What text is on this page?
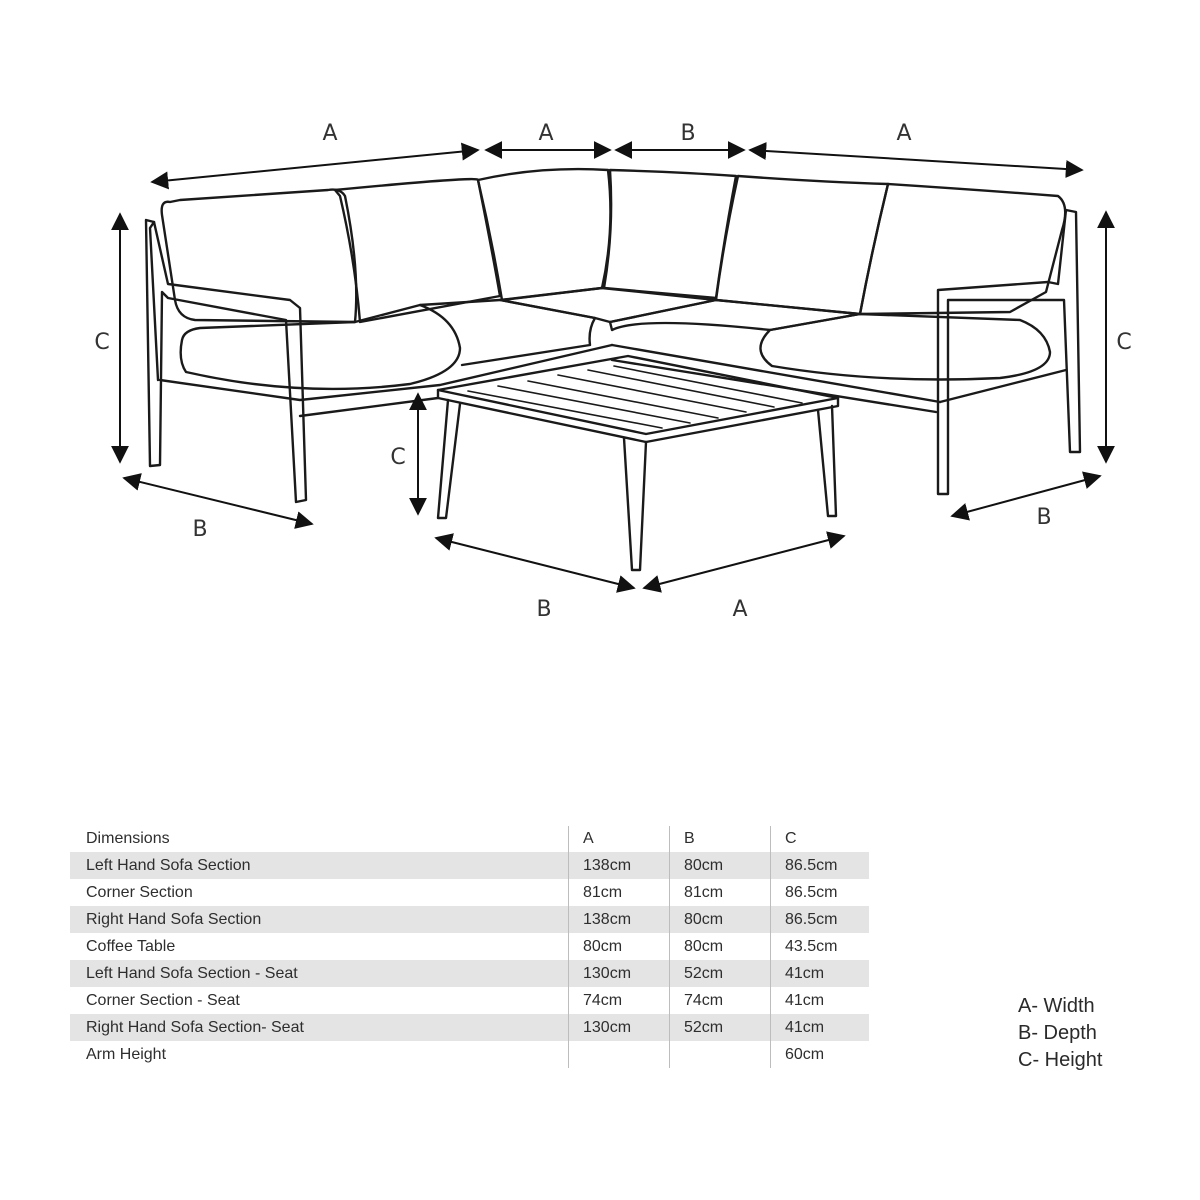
A	A	B	A
C	C
C
B	B
B	A
Dimensions	A	B	C
Left Hand Sofa Section	138cm	80cm	86.5cm
Corner Section	81cm	81cm	86.5cm
Right Hand Sofa Section	138cm	80cm	86.5cm
Coffee Table	80cm	80cm	43.5cm
Left Hand Sofa Section - Seat	130cm	52cm	41cm
Corner Section - Seat	74cm	74cm	41cm
Right Hand Sofa Section- Seat	130cm	52cm	41cm
Arm Height			60cm
A- Width
B- Depth
C- Height
